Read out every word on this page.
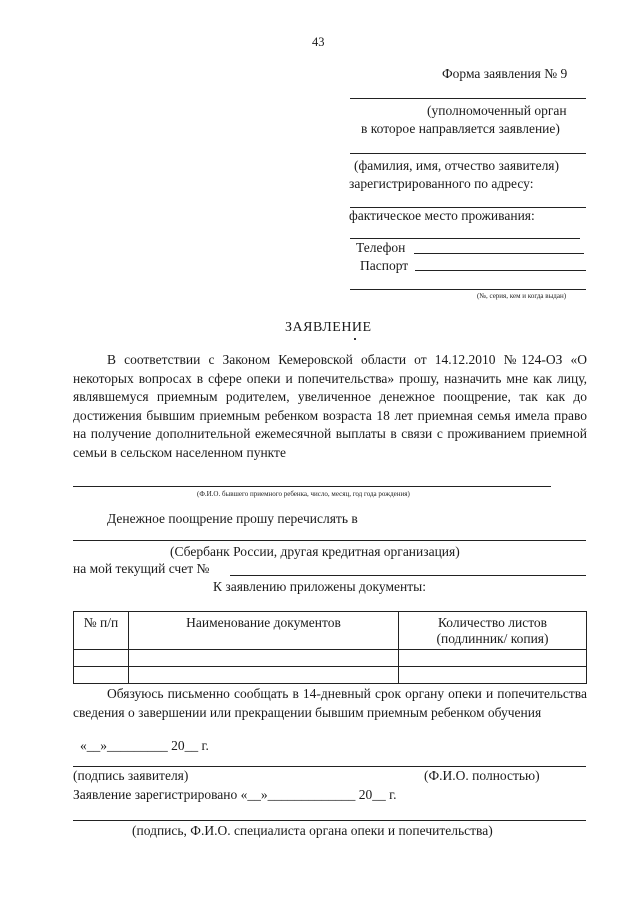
43
Форма заявления № 9
(уполномоченный орган
в которое направляется заявление)
(фамилия, имя, отчество заявителя)
зарегистрированного по адресу:
фактическое место проживания:
Телефон
Паспорт
(№, серия, кем и когда выдан)
ЗАЯВЛЕНИЕ
В соответствии с Законом Кемеровской области от 14.12.2010 №124-ОЗ «О некоторых вопросах в сфере опеки и попечительства» прошу, назначить мне как лицу, являвшемуся приемным родителем, увеличенное денежное поощрение, так как до достижения бывшим приемным ребенком возраста 18 лет приемная семья имела право на получение дополнительной ежемесячной выплаты в связи с проживанием приемной семьи в сельском населенном пункте
(Ф.И.О. бывшего приемного ребенка, число, месяц, год года рождения)
Денежное поощрение прошу перечислять в
(Сбербанк России, другая кредитная организация)
на мой текущий счет №
К заявлению приложены документы:
№ п/п	Наименование документов	Количество листов
(подлинник/ копия)

Обязуюсь письменно сообщать в 14-дневный срок органу опеки и попечительства сведения о завершении или прекращении бывшим приемным ребенком обучения
«__»_________ 20__ г.
(подпись заявителя)	(Ф.И.О. полностью)
Заявление зарегистрировано «__»_____________ 20__ г.
(подпись, Ф.И.О. специалиста органа опеки и попечительства)
